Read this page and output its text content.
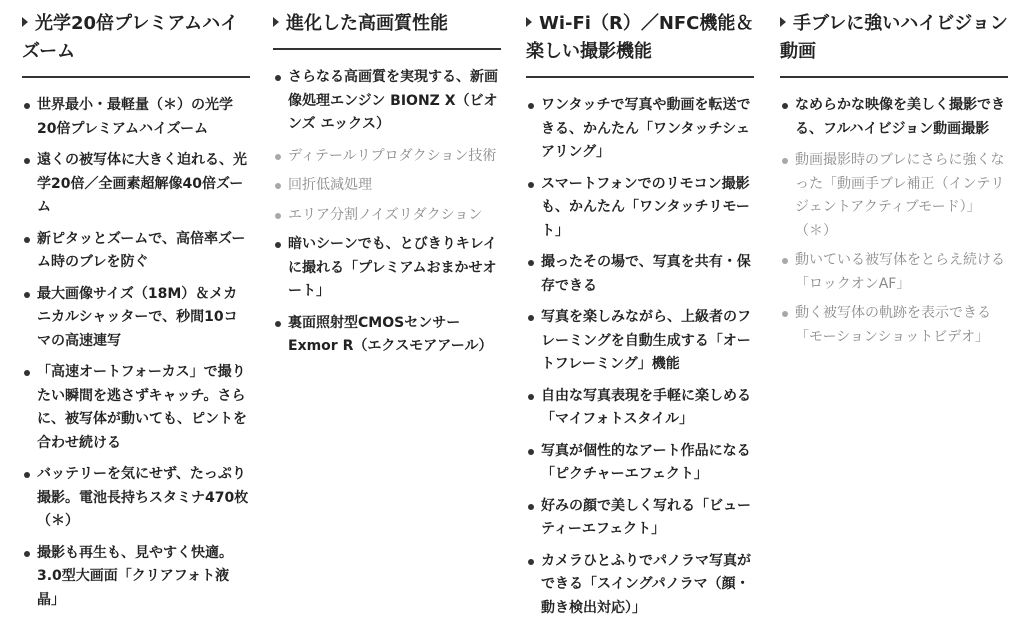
光学20倍プレミアムハイズーム
世界最小・最軽量（＊）の光学20倍プレミアムハイズーム
遠くの被写体に大きく迫れる、光学20倍／全画素超解像40倍ズーム
新ピタッとズームで、高倍率ズーム時のブレを防ぐ
最大画像サイズ（18M）＆メカニカルシャッターで、秒間10コマの高速連写
「高速オートフォーカス」で撮りたい瞬間を逃さずキャッチ。さらに、被写体が動いても、ピントを合わせ続ける
バッテリーを気にせず、たっぷり撮影。電池長持ちスタミナ470枚（＊）
撮影も再生も、見やすく快適。3.0型大画面「クリアフォト液晶」
進化した高画質性能
さらなる高画質を実現する、新画像処理エンジン BIONZ X（ビオンズ エックス）
ディテールリプロダクション技術
回折低減処理
エリア分割ノイズリダクション
暗いシーンでも、とびきりキレイに撮れる「プレミアムおまかせオート」
裏面照射型CMOSセンサー Exmor R（エクスモアアール）
Wi-Fi（R）／NFC機能＆楽しい撮影機能
ワンタッチで写真や動画を転送できる、かんたん「ワンタッチシェアリング」
スマートフォンでのリモコン撮影も、かんたん「ワンタッチリモート」
撮ったその場で、写真を共有・保存できる
写真を楽しみながら、上級者のフレーミングを自動生成する「オートフレーミング」機能
自由な写真表現を手軽に楽しめる「マイフォトスタイル」
写真が個性的なアート作品になる「ピクチャーエフェクト」
好みの顔で美しく写れる「ビューティーエフェクト」
カメラひとふりでパノラマ写真ができる「スイングパノラマ（顔・動き検出対応）」
手ブレに強いハイビジョン動画
なめらかな映像を美しく撮影できる、フルハイビジョン動画撮影
動画撮影時のブレにさらに強くなった「動画手ブレ補正（インテリジェントアクティブモード）」（＊）
動いている被写体をとらえ続ける「ロックオンAF」
動く被写体の軌跡を表示できる「モーションショットビデオ」
